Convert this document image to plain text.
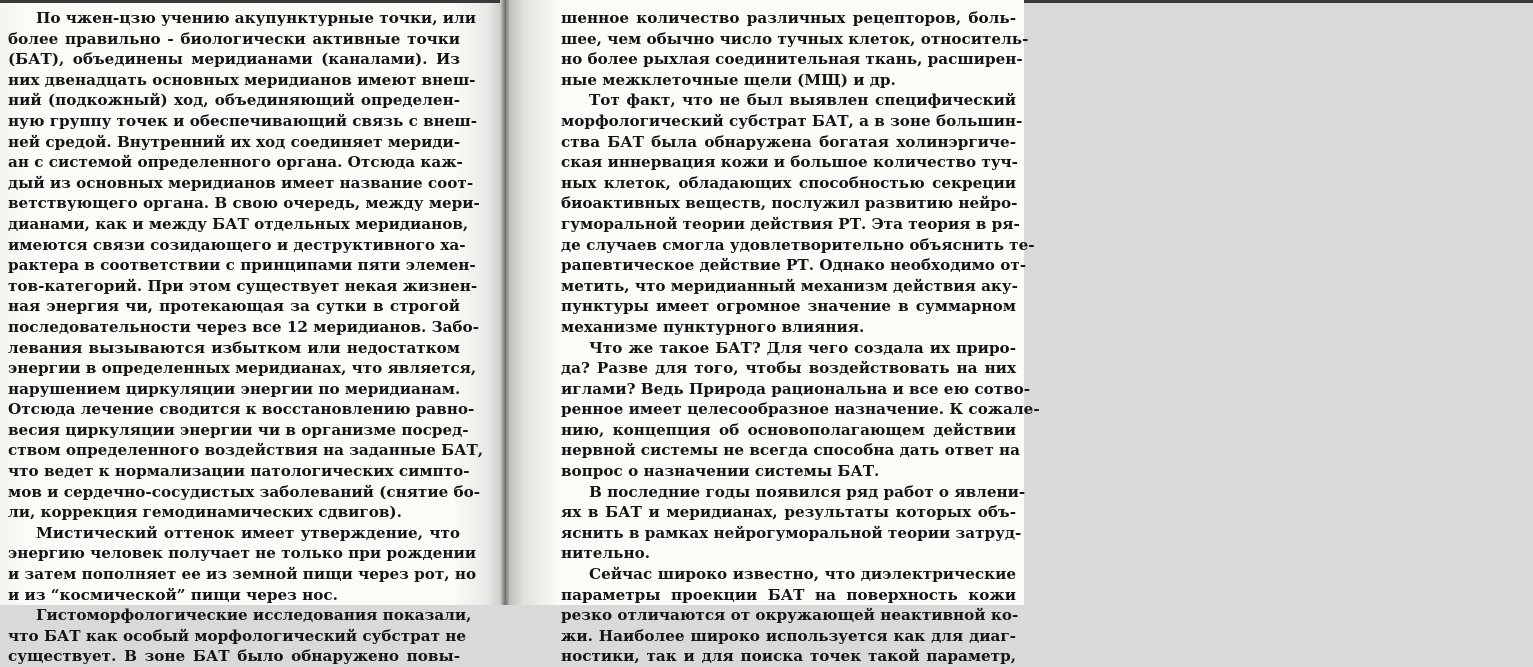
По чжен-цзю учению акупунктурные точки, или
более правильно - биологически активные точки
(БАТ), объединены меридианами (каналами). Из
них двенадцать основных меридианов имеют внеш-
ний (подкожный) ход, объединяющий определен-
ную группу точек и обеспечивающий связь с внеш-
ней средой. Внутренний их ход соединяет мериди-
ан с системой определенного органа. Отсюда каж-
дый из основных меридианов имеет название соот-
ветствующего органа. В свою очередь, между мери-
дианами, как и между БАТ отдельных меридианов,
имеются связи созидающего и деструктивного ха-
рактера в соответствии с принципами пяти элемен-
тов-категорий. При этом существует некая жизнен-
ная энергия чи, протекающая за сутки в строгой
последовательности через все 12 меридианов. Забо-
левания вызываются избытком или недостатком
энергии в определенных меридианах, что является,
нарушением циркуляции энергии по меридианам.
Отсюда лечение сводится к восстановлению равно-
весия циркуляции энергии чи в организме посред-
ством определенного воздействия на заданные БАТ,
что ведет к нормализации патологических симпто-
мов и сердечно-сосудистых заболеваний (снятие бо-
ли, коррекция гемодинамических сдвигов).
Мистический оттенок имеет утверждение, что
энергию человек получает не только при рождении
и затем пополняет ее из земной пищи через рот, но
и из “космической” пищи через нос.
Гистоморфологические исследования показали,
что БАТ как особый морфологический субстрат не
существует. В зоне БАТ было обнаружено повы-
шенное количество различных рецепторов, боль-
шее, чем обычно число тучных клеток, относитель-
но более рыхлая соединительная ткань, расширен-
ные межклеточные щели (МЩ) и др.
Тот факт, что не был выявлен специфический
морфологический субстрат БАТ, а в зоне большин-
ства БАТ была обнаружена богатая холинэргиче-
ская иннервация кожи и большое количество туч-
ных клеток, обладающих способностью секреции
биоактивных веществ, послужил развитию нейро-
гуморальной теории действия РТ. Эта теория в ря-
де случаев смогла удовлетворительно объяснить те-
рапевтическое действие РТ. Однако необходимо от-
метить, что меридианный механизм действия аку-
пунктуры имеет огромное значение в суммарном
механизме пунктурного влияния.
Что же такое БАТ? Для чего создала их приро-
да? Разве для того, чтобы воздействовать на них
иглами? Ведь Природа рациональна и все ею сотво-
ренное имеет целесообразное назначение. К сожале-
нию, концепция об основополагающем действии
нервной системы не всегда способна дать ответ на
вопрос о назначении системы БАТ.
В последние годы появился ряд работ о явлени-
ях в БАТ и меридианах, результаты которых объ-
яснить в рамках нейрогуморальной теории затруд-
нительно.
Сейчас широко известно, что диэлектрические
параметры проекции БАТ на поверхность кожи
резко отличаются от окружающей неактивной ко-
жи. Наиболее широко используется как для диаг-
ностики, так и для поиска точек такой параметр,
